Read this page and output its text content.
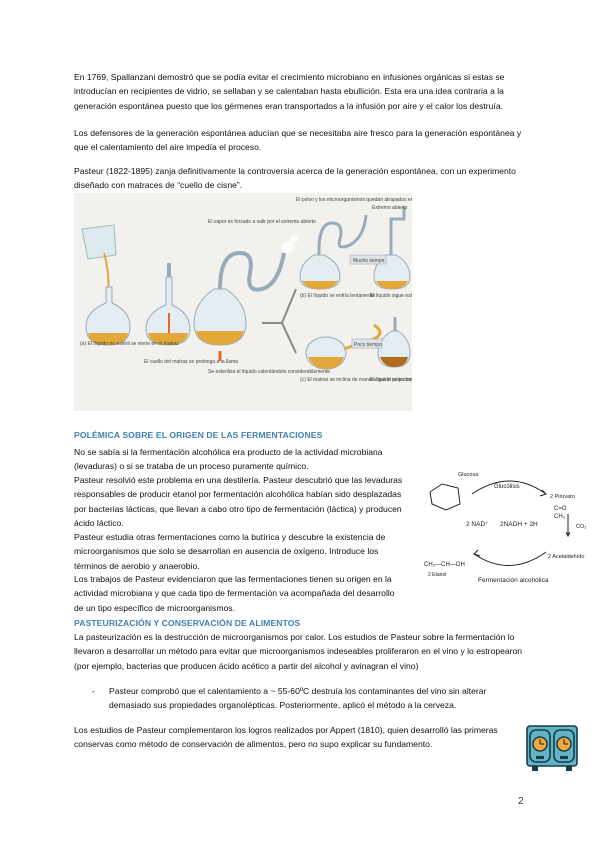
En 1769, Spallanzani demostró que se podía evitar el crecimiento microbiano en infusiones orgánicas si estas se introducían en recipientes de vidrio, se sellaban y se calentaban hasta ebullición. Esta era una idea contraria a la generación espontánea puesto que los gérmenes eran transportados a la infusión por aire y el calor los destruía.

Los defensores de la generación espontánea aducían que se necesitaba aire fresco para la generación espontánea y que el calentamiento del aire impedía el proceso.

Pasteur (1822-1895) zanja definitivamente la controversia acerca de la generación espontánea, con un experimento diseñado con matraces de “cuello de cisne”.

Mucho tiempo
Poco tiempo
(a) El líquido no estéril se vierte en el matraz
El cuello del matraz se prolonga a la llama
Se esteriliza el líquido calentándolo considerablemente
El vapor es forzado a salir por el extremo abierto
El polvo y los microorganismos quedan atrapados e
Extremo abierto
(b) El líquido se enfría lentamente
El líquido sigue est
(c) El matraz se inclina de manera que el polvo co
El líquido se pudre
POLÉMICA SOBRE EL ORIGEN DE LAS FERMENTACIONES

No se sabía si la fermentación alcohólica era producto de la actividad microbiana (levaduras) o si se trataba de un proceso puramente químico.

Pasteur resolvió este problema en una destilería. Pasteur descubrió que las levaduras responsables de producir etanol por fermentación alcohólica habían sido desplazadas por bacterias lácticas, que llevan a cabo otro tipo de fermentación (láctica) y producen ácido láctico.

Pasteur estudia otras fermentaciones como la butírica y descubre la existencia de microorganismos que solo se desarrollan en ausencia de oxígeno. Introduce los términos de aerobio y anaerobio.

Los trabajos de Pasteur evidenciaron que las fermentaciones tienen su origen en la actividad microbiana y que cada tipo de fermentación va acompañada del desarrollo de un tipo específico de microorganismos.

Glucosa
Glucólisis
2 Piruvato
C=O
CH₃
2 NAD⁺ 2NADH + 2H	CO₂
2 Acetaldehído
CH₃—CH—OH
2 Etanol
Fermentación alcohólica
PASTEURIZACIÓN Y CONSERVACIÓN DE ALIMENTOS

La pasteurización es la destrucción de microorganismos por calor. Los estudios de Pasteur sobre la fermentación lo llevaron a desarrollar un método para evitar que microorganismos indeseables proliferaron en el vino y lo estropearon (por ejemplo, bacterias que producen ácido acético a partir del alcohol y avinagran el vino)

- Pasteur comprobó que el calentamiento a ~ 55-60ºC destruía los contaminantes del vino sin alterar demasiado sus propiedades organolépticas. Posteriormente, aplicó el método a la cerveza.

Los estudios de Pasteur complementaron los logros realizados por Appert (1810), quien desarrolló las primeras conservas como método de conservación de alimentos, pero no supo explicar su fundamento.

2
